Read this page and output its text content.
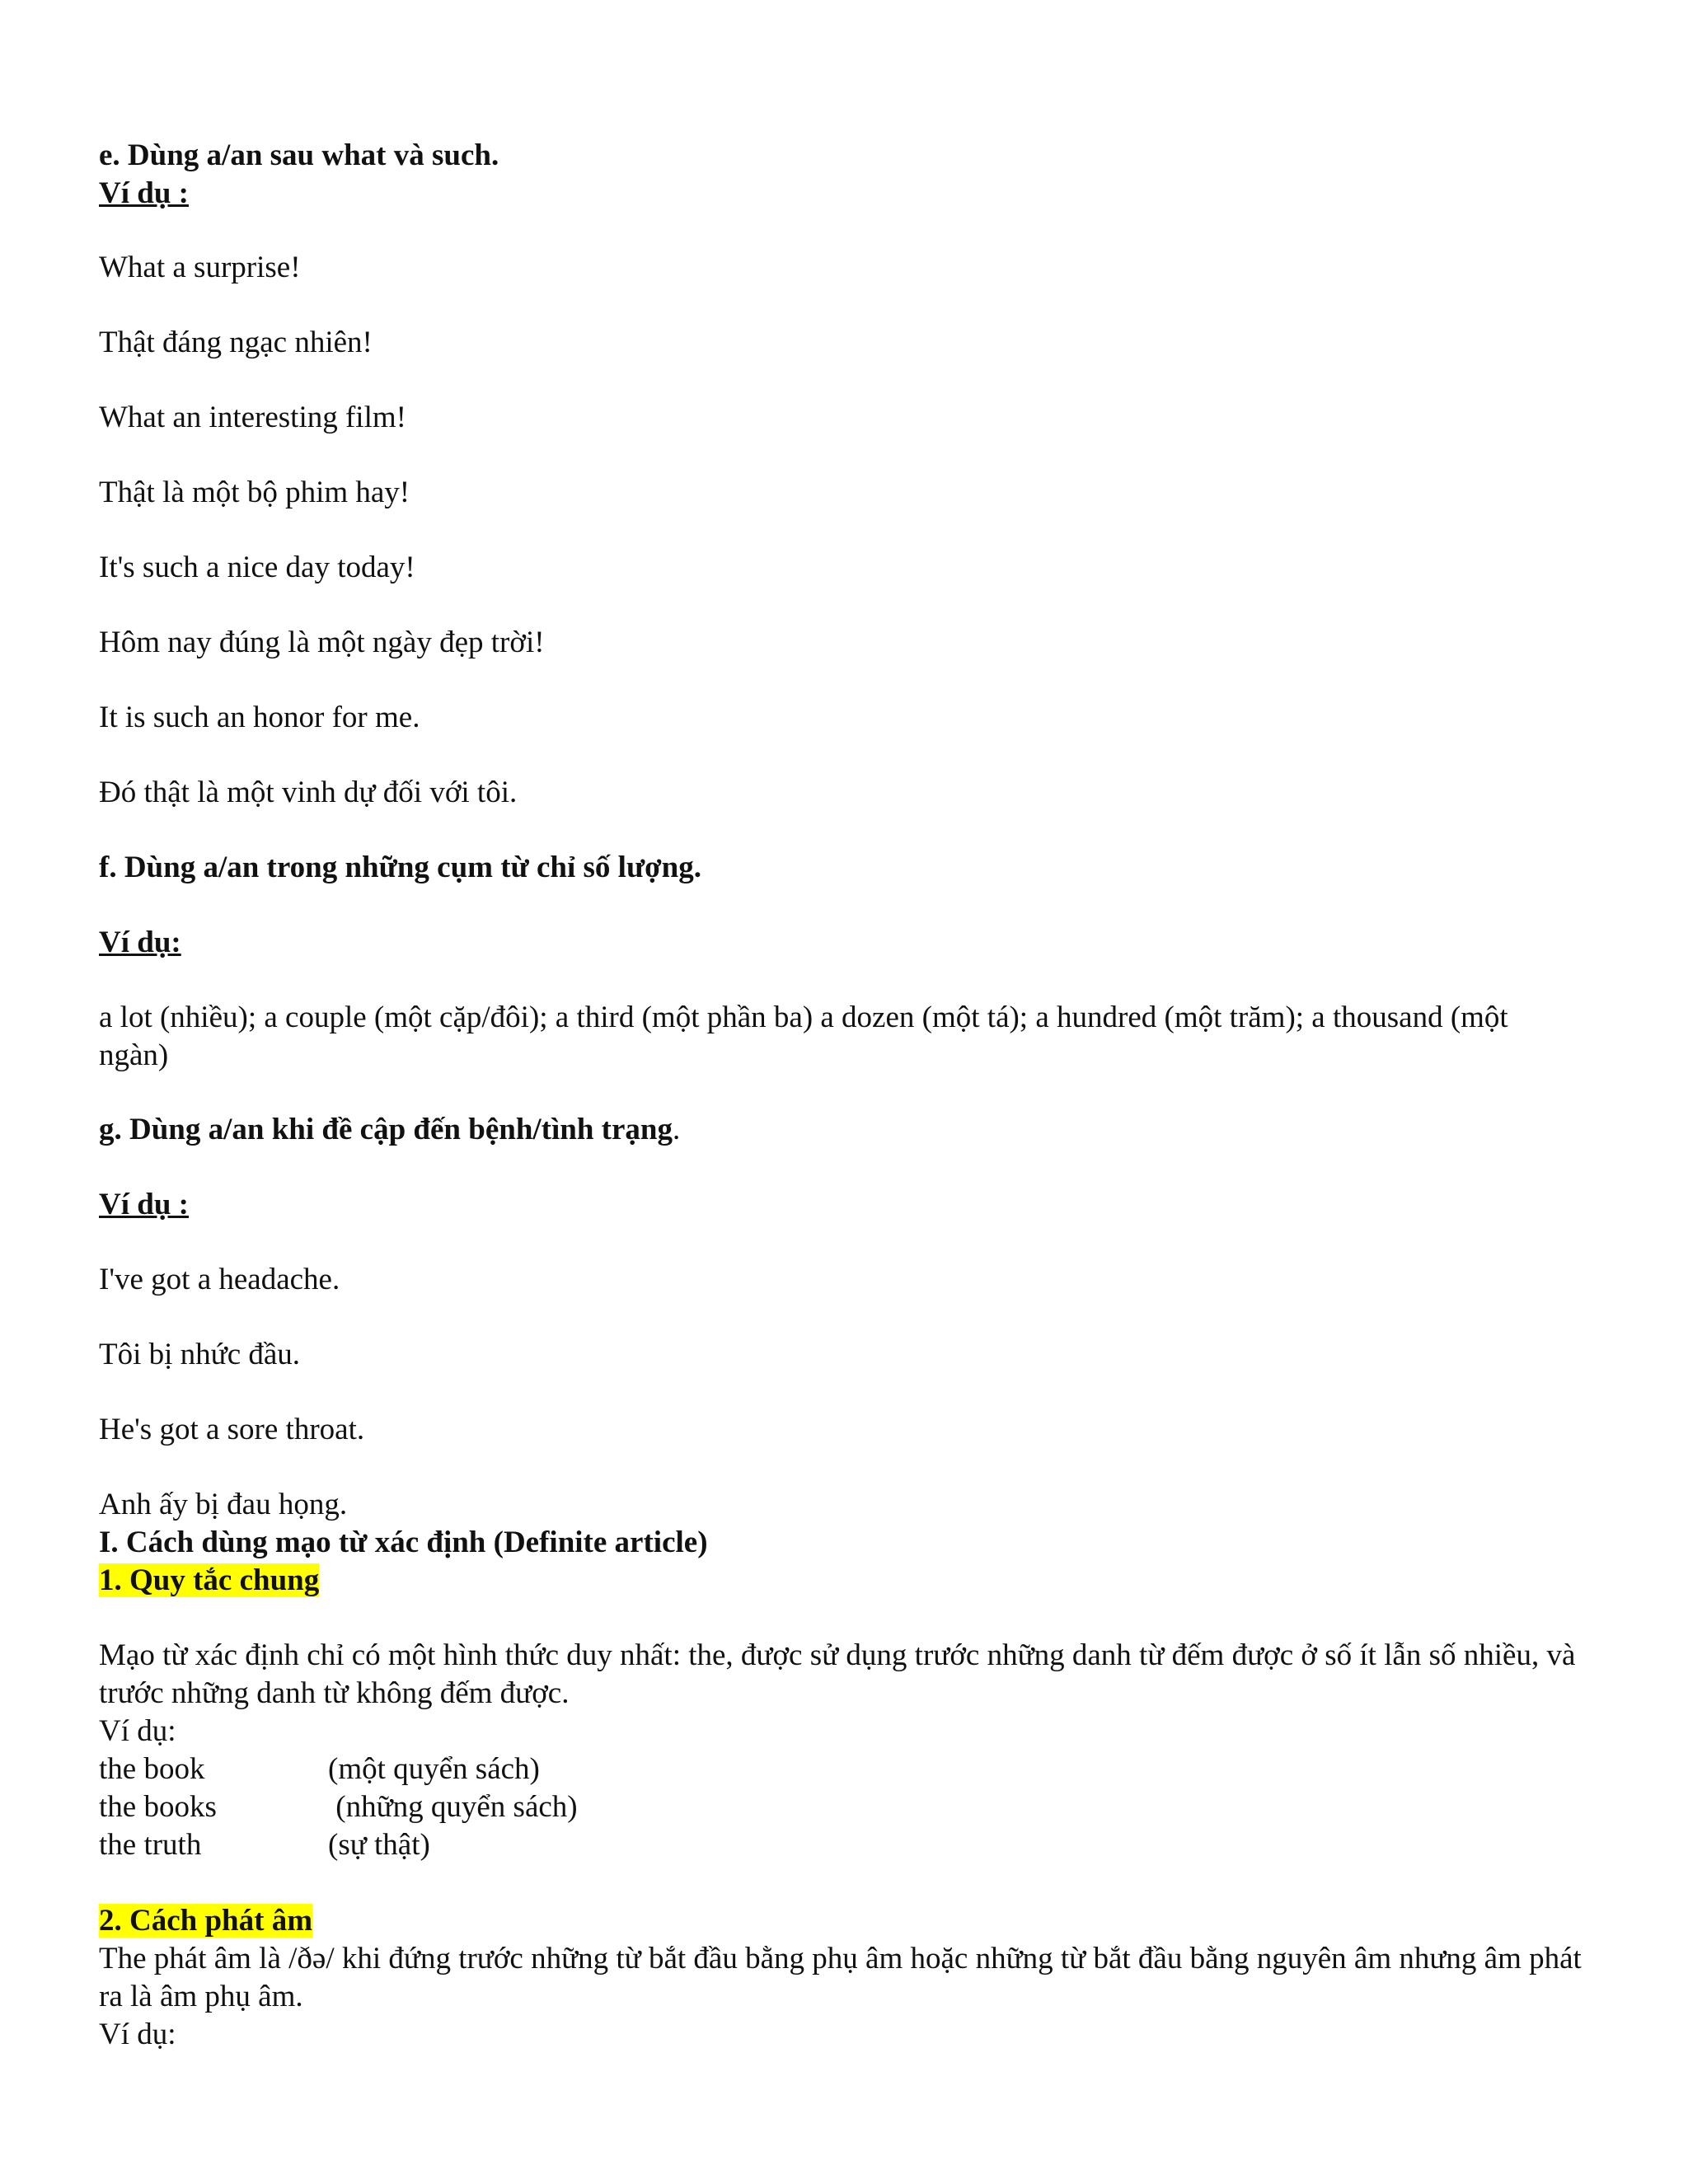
e. Dùng a/an sau what và such.
Ví dụ :
What a surprise!
Thật đáng ngạc nhiên!
What an interesting film!
Thật là một bộ phim hay!
It's such a nice day today!
Hôm nay đúng là một ngày đẹp trời!
It is such an honor for me.
Đó thật là một vinh dự đối với tôi.
f. Dùng a/an trong những cụm từ chỉ số lượng.
Ví dụ:
a lot (nhiều); a couple (một cặp/đôi); a third (một phần ba) a dozen (một tá); a hundred (một trăm); a thousand (một ngàn)
g. Dùng a/an khi đề cập đến bệnh/tình trạng.
Ví dụ :
I've got a headache.
Tôi bị nhức đầu.
He's got a sore throat.
Anh ấy bị đau họng.
I. Cách dùng mạo từ xác định (Definite article)
1. Quy tắc chung
Mạo từ xác định chỉ có một hình thức duy nhất: the, được sử dụng trước những danh từ đếm được ở số ít lẫn số nhiều, và trước những danh từ không đếm được.
Ví dụ:
the book	(một quyển sách)
the books	(những quyển sách)
the truth	(sự thật)
2. Cách phát âm
The phát âm là /ðə/ khi đứng trước những từ bắt đầu bằng phụ âm hoặc những từ bắt đầu bằng nguyên âm nhưng âm phát ra là âm phụ âm.
Ví dụ:
